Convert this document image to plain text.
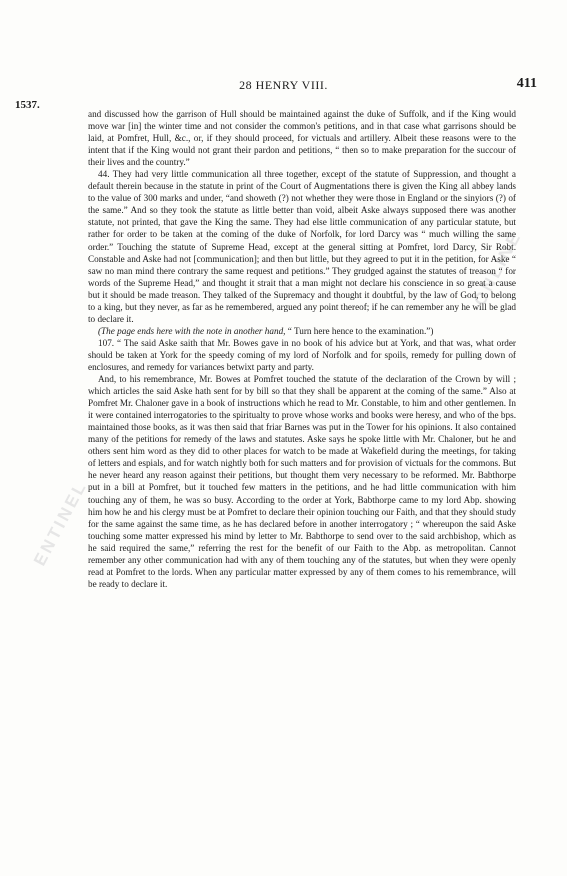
ENTINEL
ONLINE
28 HENRY VIII.	411
1537.

and discussed how the garrison of Hull should be maintained against the duke of Suffolk, and if the King would move war [in] the winter time and not consider the common's petitions, and in that case what garrisons should be laid, at Pomfret, Hull, &c., or, if they should proceed, for victuals and artillery. Albeit these reasons were to the intent that if the King would not grant their pardon and petitions, “ then so to make preparation for the succour of their lives and the country.”

44. They had very little communication all three together, except of the statute of Suppression, and thought a default therein because in the statute in print of the Court of Augmentations there is given the King all abbey lands to the value of 300 marks and under, “and showeth (?) not whether they were those in England or the sinyiors (?) of the same.” And so they took the statute as little better than void, albeit Aske always supposed there was another statute, not printed, that gave the King the same. They had else little communication of any particular statute, but rather for order to be taken at the coming of the duke of Norfolk, for lord Darcy was “ much willing the same order.” Touching the statute of Supreme Head, except at the general sitting at Pomfret, lord Darcy, Sir Robt. Constable and Aske had not [communication]; and then but little, but they agreed to put it in the petition, for Aske “ saw no man mind there contrary the same request and petitions.” They grudged against the statutes of treason “ for words of the Supreme Head,” and thought it strait that a man might not declare his conscience in so great a cause but it should be made treason. They talked of the Supremacy and thought it doubtful, by the law of God, to belong to a king, but they never, as far as he remembered, argued any point thereof; if he can remember any he will be glad to declare it.

(The page ends here with the note in another hand, “ Turn here hence to the examination.”)

107. “ The said Aske saith that Mr. Bowes gave in no book of his advice but at York, and that was, what order should be taken at York for the speedy coming of my lord of Norfolk and for spoils, remedy for pulling down of enclosures, and remedy for variances betwixt party and party.

And, to his remembrance, Mr. Bowes at Pomfret touched the statute of the declaration of the Crown by will ; which articles the said Aske hath sent for by bill so that they shall be apparent at the coming of the same.” Also at Pomfret Mr. Chaloner gave in a book of instructions which he read to Mr. Constable, to him and other gentlemen. In it were contained interrogatories to the spiritualty to prove whose works and books were heresy, and who of the bps. maintained those books, as it was then said that friar Barnes was put in the Tower for his opinions. It also contained many of the petitions for remedy of the laws and statutes. Aske says he spoke little with Mr. Chaloner, but he and others sent him word as they did to other places for watch to be made at Wakefield during the meetings, for taking of letters and espials, and for watch nightly both for such matters and for provision of victuals for the commons. But he never heard any reason against their petitions, but thought them very necessary to be reformed. Mr. Babthorpe put in a bill at Pomfret, but it touched few matters in the petitions, and he had little communication with him touching any of them, he was so busy. According to the order at York, Babthorpe came to my lord Abp. showing him how he and his clergy must be at Pomfret to declare their opinion touching our Faith, and that they should study for the same against the same time, as he has declared before in another interrogatory ; “ whereupon the said Aske touching some matter expressed his mind by letter to Mr. Babthorpe to send over to the said archbishop, which as he said required the same,” referring the rest for the benefit of our Faith to the Abp. as metropolitan. Cannot remember any other communication had with any of them touching any of the statutes, but when they were openly read at Pomfret to the lords. When any particular matter expressed by any of them comes to his remembrance, will be ready to declare it.
